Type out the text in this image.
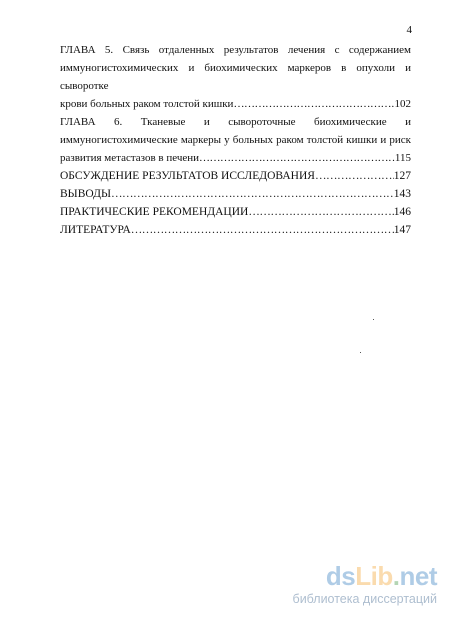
4
ГЛАВА 5. Связь отдаленных результатов лечения с содержанием
иммуногистохимических и биохимических маркеров в опухоли и сыворотке
крови больных раком толстой кишки ……………………………………………………………………………………………………………………………………………………………	102
ГЛАВА 6. Тканевые и сывороточные биохимические и
иммуногистохимические маркеры у больных раком толстой кишки и риск
развития метастазов в печени ……………………………………………………………………………………………………………………………………………………………	115
ОБСУЖДЕНИЕ РЕЗУЛЬТАТОВ ИССЛЕДОВАНИЯ ……………………………………………………………………………………………………………………………………………………………	127
ВЫВОДЫ ……………………………………………………………………………………………………………………………………………………………	143
ПРАКТИЧЕСКИЕ РЕКОМЕНДАЦИИ ……………………………………………………………………………………………………………………………………………………………	146
ЛИТЕРАТУРА ……………………………………………………………………………………………………………………………………………………………	147
dsLib.net
библиотека диссертаций
